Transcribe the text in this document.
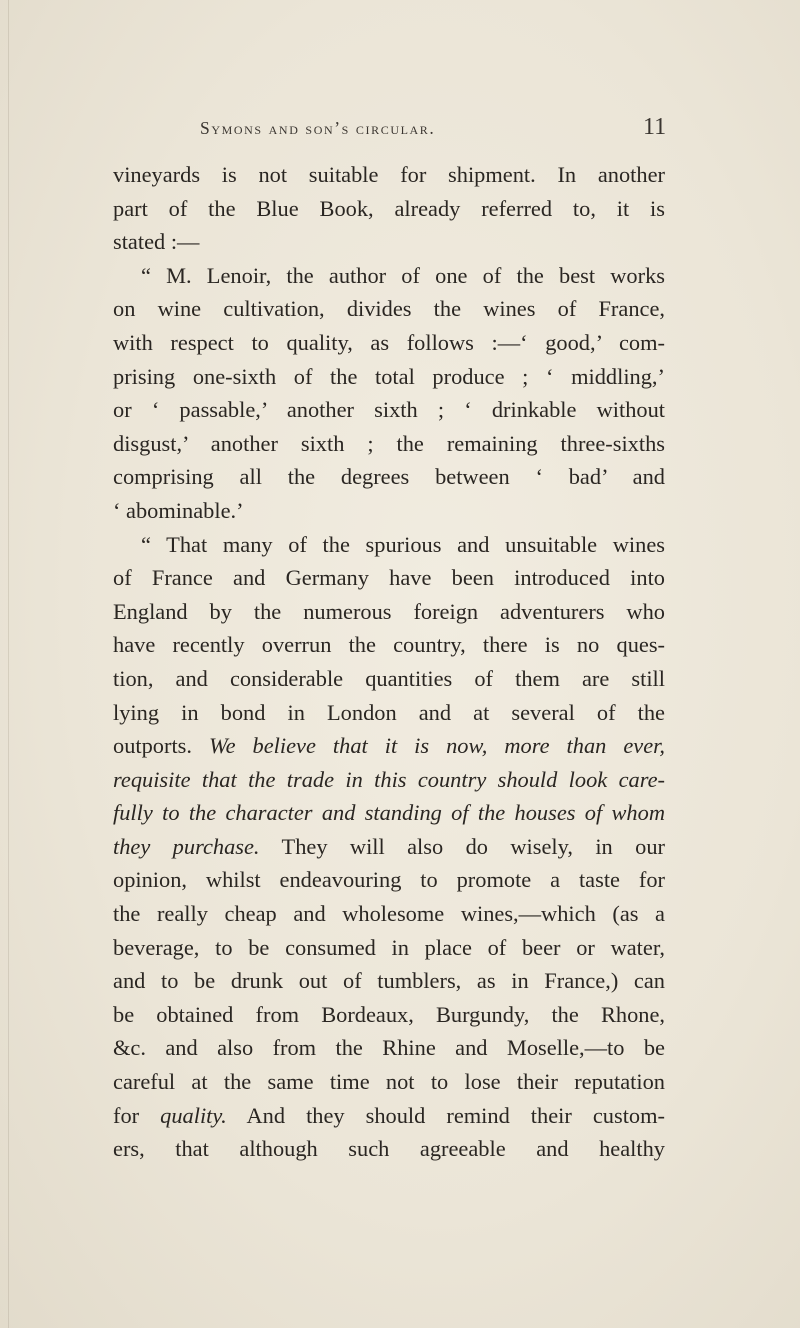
Symons and son’s circular.	11
vineyards is not suitable for shipment. In another
part of the Blue Book, already referred to, it is
stated :—
“ M. Lenoir, the author of one of the best works
on wine cultivation, divides the wines of France,
with respect to quality, as follows :—‘ good,’ com-
prising one-sixth of the total produce ; ‘ middling,’
or ‘ passable,’ another sixth ; ‘ drinkable without
disgust,’ another sixth ; the remaining three-sixths
comprising all the degrees between ‘ bad’ and
‘ abominable.’
“ That many of the spurious and unsuitable wines
of France and Germany have been introduced into
England by the numerous foreign adventurers who
have recently overrun the country, there is no ques-
tion, and considerable quantities of them are still
lying in bond in London and at several of the
outports. We believe that it is now, more than ever,
requisite that the trade in this country should look care-
fully to the character and standing of the houses of whom
they purchase. They will also do wisely, in our
opinion, whilst endeavouring to promote a taste for
the really cheap and wholesome wines,—which (as a
beverage, to be consumed in place of beer or water,
and to be drunk out of tumblers, as in France,) can
be obtained from Bordeaux, Burgundy, the Rhone,
&c. and also from the Rhine and Moselle,—to be
careful at the same time not to lose their reputation
for quality. And they should remind their custom-
ers, that although such agreeable and healthy
